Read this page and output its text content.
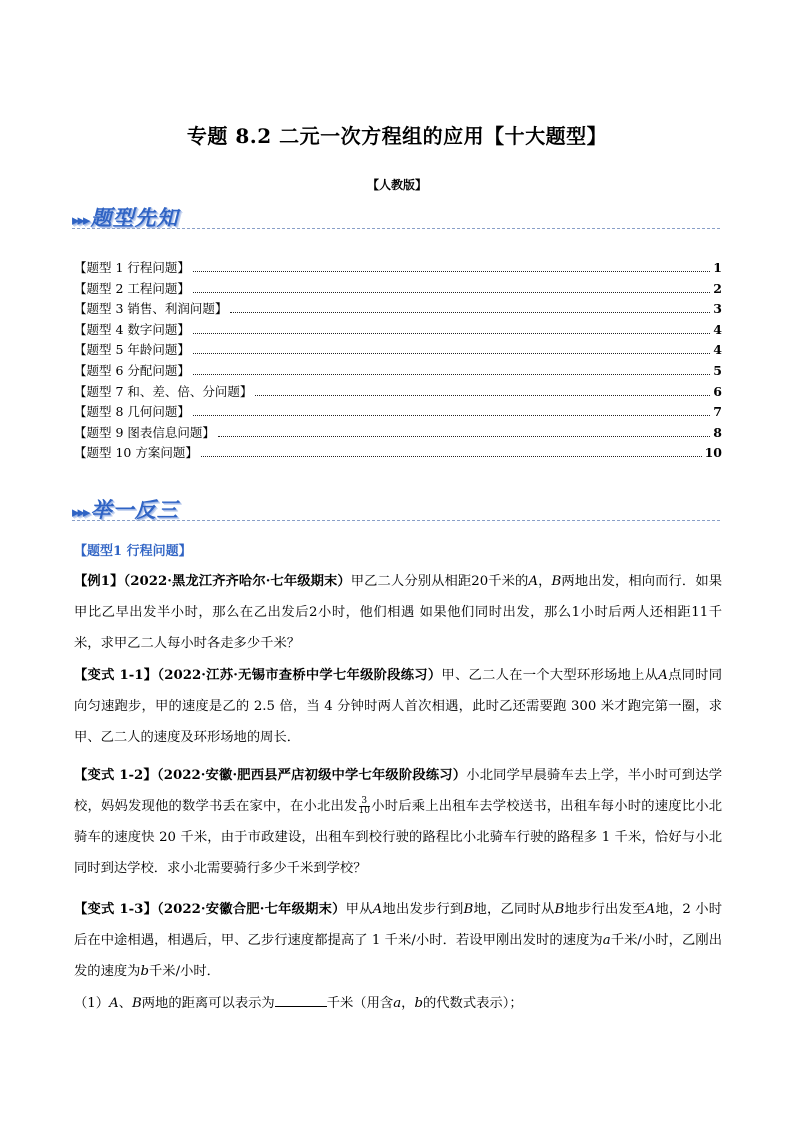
专题 8.2 二元一次方程组的应用【十大题型】
【人教版】
▸▸▸题型先知
【题型 1 行程问题】	1
【题型 2 工程问题】	2
【题型 3 销售、利润问题】	3
【题型 4 数字问题】	4
【题型 5 年龄问题】	4
【题型 6 分配问题】	5
【题型 7 和、差、倍、分问题】	6
【题型 8 几何问题】	7
【题型 9 图表信息问题】	8
【题型 10 方案问题】	10
▸▸▸举一反三
【题型1 行程问题】
【例1】（2022·黑龙江齐齐哈尔·七年级期末）甲乙二人分别从相距20千米的A，B两地出发，相向而行．如果甲比乙早出发半小时，那么在乙出发后2小时，他们相遇 如果他们同时出发，那么1小时后两人还相距11千米，求甲乙二人每小时各走多少千米？
【变式 1-1】（2022·江苏·无锡市查桥中学七年级阶段练习）甲、乙二人在一个大型环形场地上从A点同时同向匀速跑步，甲的速度是乙的 2.5 倍，当 4 分钟时两人首次相遇，此时乙还需要跑 300 米才跑完第一圈，求甲、乙二人的速度及环形场地的周长．
【变式 1-2】（2022·安徽·肥西县严店初级中学七年级阶段练习）小北同学早晨骑车去上学，半小时可到达学校，妈妈发现他的数学书丢在家中，在小北出发 $\frac{3}{10}$ 小时后乘上出租车去学校送书，出租车每小时的速度比小北骑车的速度快 20 千米，由于市政建设，出租车到校行驶的路程比小北骑车行驶的路程多 1 千米，恰好与小北同时到达学校．求小北需要骑行多少千米到学校？
【变式 1-3】（2022·安徽合肥·七年级期末）甲从A地出发步行到B地，乙同时从B地步行出发至A地，2 小时后在中途相遇，相遇后，甲、乙步行速度都提高了 1 千米/小时．若设甲刚出发时的速度为a千米/小时，乙刚出发的速度为b千米/小时．
（1）A、B两地的距离可以表示为	千米（用含a，b的代数式表示）；
